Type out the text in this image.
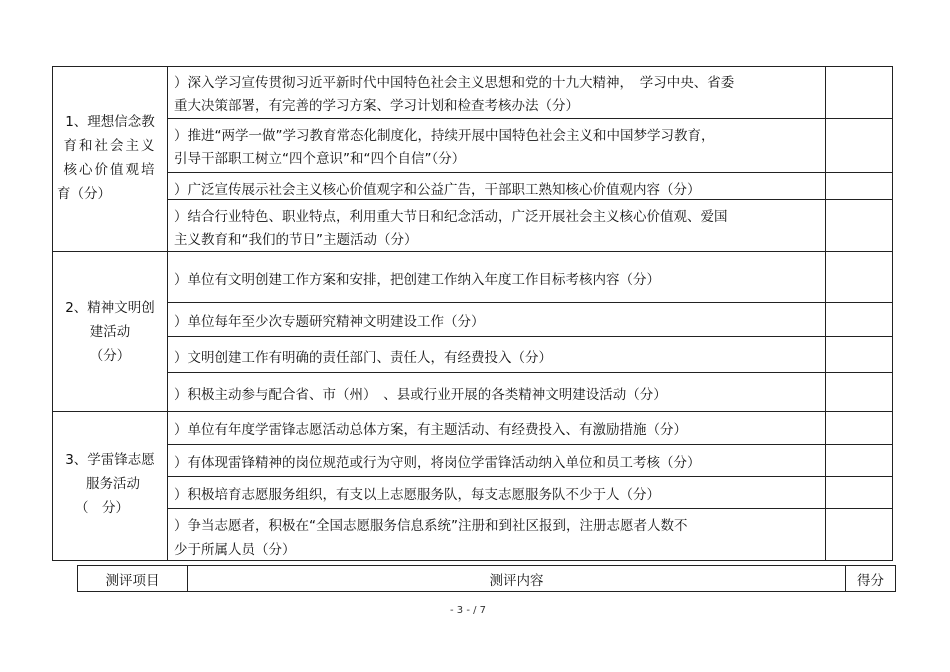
1、理想信念教
育和社会主义
核心价值观培
育（分）
）深入学习宣传贯彻习近平新时代中国特色社会主义思想和党的十九大精神，　学习中央、省委
重大决策部署，有完善的学习方案、学习计划和检查考核办法（分）
）推进“两学一做”学习教育常态化制度化，持续开展中国特色社会主义和中国梦学习教育，
引导干部职工树立“四个意识”和“四个自信”（分）
）广泛宣传展示社会主义核心价值观字和公益广告，干部职工熟知核心价值观内容（分）
）结合行业特色、职业特点，利用重大节日和纪念活动，广泛开展社会主义核心价值观、爱国
主义教育和“我们的节日”主题活动（分）
2、精神文明创
建活动
（分）
）单位有文明创建工作方案和安排，把创建工作纳入年度工作目标考核内容（分）
）单位每年至少次专题研究精神文明建设工作（分）
）文明创建工作有明确的责任部门、责任人，有经费投入（分）
）积极主动参与配合省、市（州）　、县或行业开展的各类精神文明建设活动（分）
3、学雷锋志愿
服务活动
（　分）
）单位有年度学雷锋志愿活动总体方案，有主题活动、有经费投入、有激励措施（分）
）有体现雷锋精神的岗位规范或行为守则，将岗位学雷锋活动纳入单位和员工考核（分）
）积极培育志愿服务组织，有支以上志愿服务队，每支志愿服务队不少于人（分）
）争当志愿者，积极在“全国志愿服务信息系统”注册和到社区报到，注册志愿者人数不
少于所属人员（分）
测评项目	测评内容	得分
- 3 - / 7
